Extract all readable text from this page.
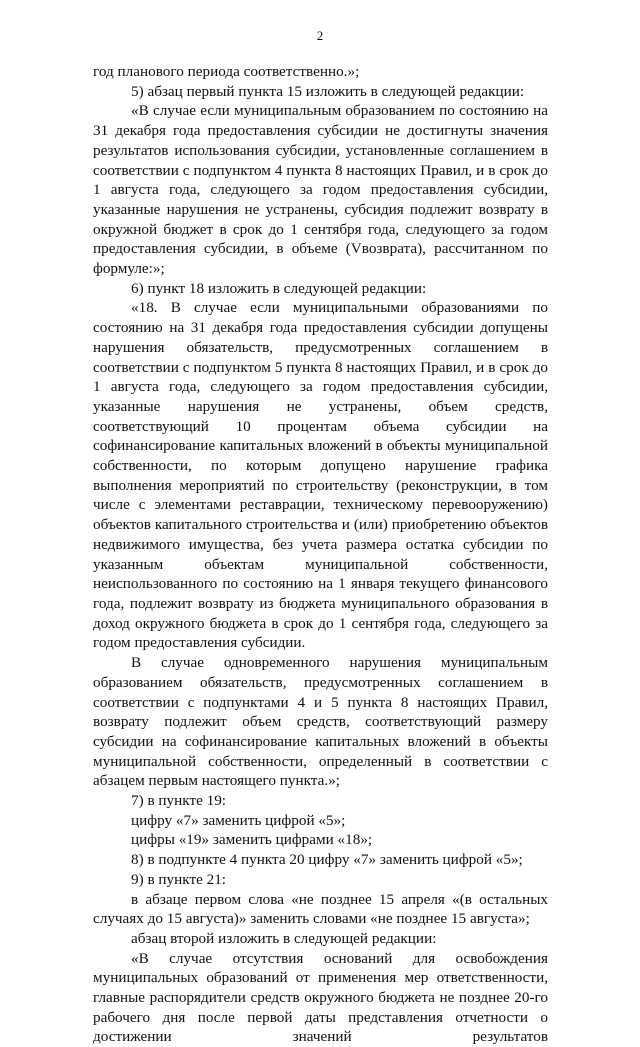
2

год планового периода соответственно.»;

5) абзац первый пункта 15 изложить в следующей редакции:

«В случае если муниципальным образованием по состоянию на 31 декабря года предоставления субсидии не достигнуты значения результатов использования субсидии, установленные соглашением в соответствии с подпунктом 4 пункта 8 настоящих Правил, и в срок до 1 августа года, следующего за годом предоставления субсидии, указанные нарушения не устранены, субсидия подлежит возврату в окружной бюджет в срок до 1 сентября года, следующего за годом предоставления субсидии, в объеме (Vвозврата), рассчитанном по формуле:»;

6) пункт 18 изложить в следующей редакции:

«18. В случае если муниципальными образованиями по состоянию на 31 декабря года предоставления субсидии допущены нарушения обязательств, предусмотренных соглашением в соответствии с подпунктом 5 пункта 8 настоящих Правил, и в срок до 1 августа года, следующего за годом предоставления субсидии, указанные нарушения не устранены, объем средств, соответствующий 10 процентам объема субсидии на софинансирование капитальных вложений в объекты муниципальной собственности, по которым допущено нарушение графика выполнения мероприятий по строительству (реконструкции, в том числе с элементами реставрации, техническому перевооружению) объектов капитального строительства и (или) приобретению объектов недвижимого имущества, без учета размера остатка субсидии по указанным объектам муниципальной собственности, неиспользованного по состоянию на 1 января текущего финансового года, подлежит возврату из бюджета муниципального образования в доход окружного бюджета в срок до 1 сентября года, следующего за годом предоставления субсидии.

В случае одновременного нарушения муниципальным образованием обязательств, предусмотренных соглашением в соответствии с подпунктами 4 и 5 пункта 8 настоящих Правил, возврату подлежит объем средств, соответствующий размеру субсидии на софинансирование капитальных вложений в объекты муниципальной собственности, определенный в соответствии с абзацем первым настоящего пункта.»;

7) в пункте 19:

цифру «7» заменить цифрой «5»;

цифры «19» заменить цифрами «18»;

8) в подпункте 4 пункта 20 цифру «7» заменить цифрой «5»;

9) в пункте 21:

в абзаце первом слова «не позднее 15 апреля «(в остальных случаях до 15 августа)» заменить словами «не позднее 15 августа»;

абзац второй изложить в следующей редакции:

«В случае отсутствия оснований для освобождения муниципальных образований от применения мер ответственности, главные распорядители средств окружного бюджета не позднее 20-го рабочего дня после первой даты представления отчетности о достижении значений результатов
